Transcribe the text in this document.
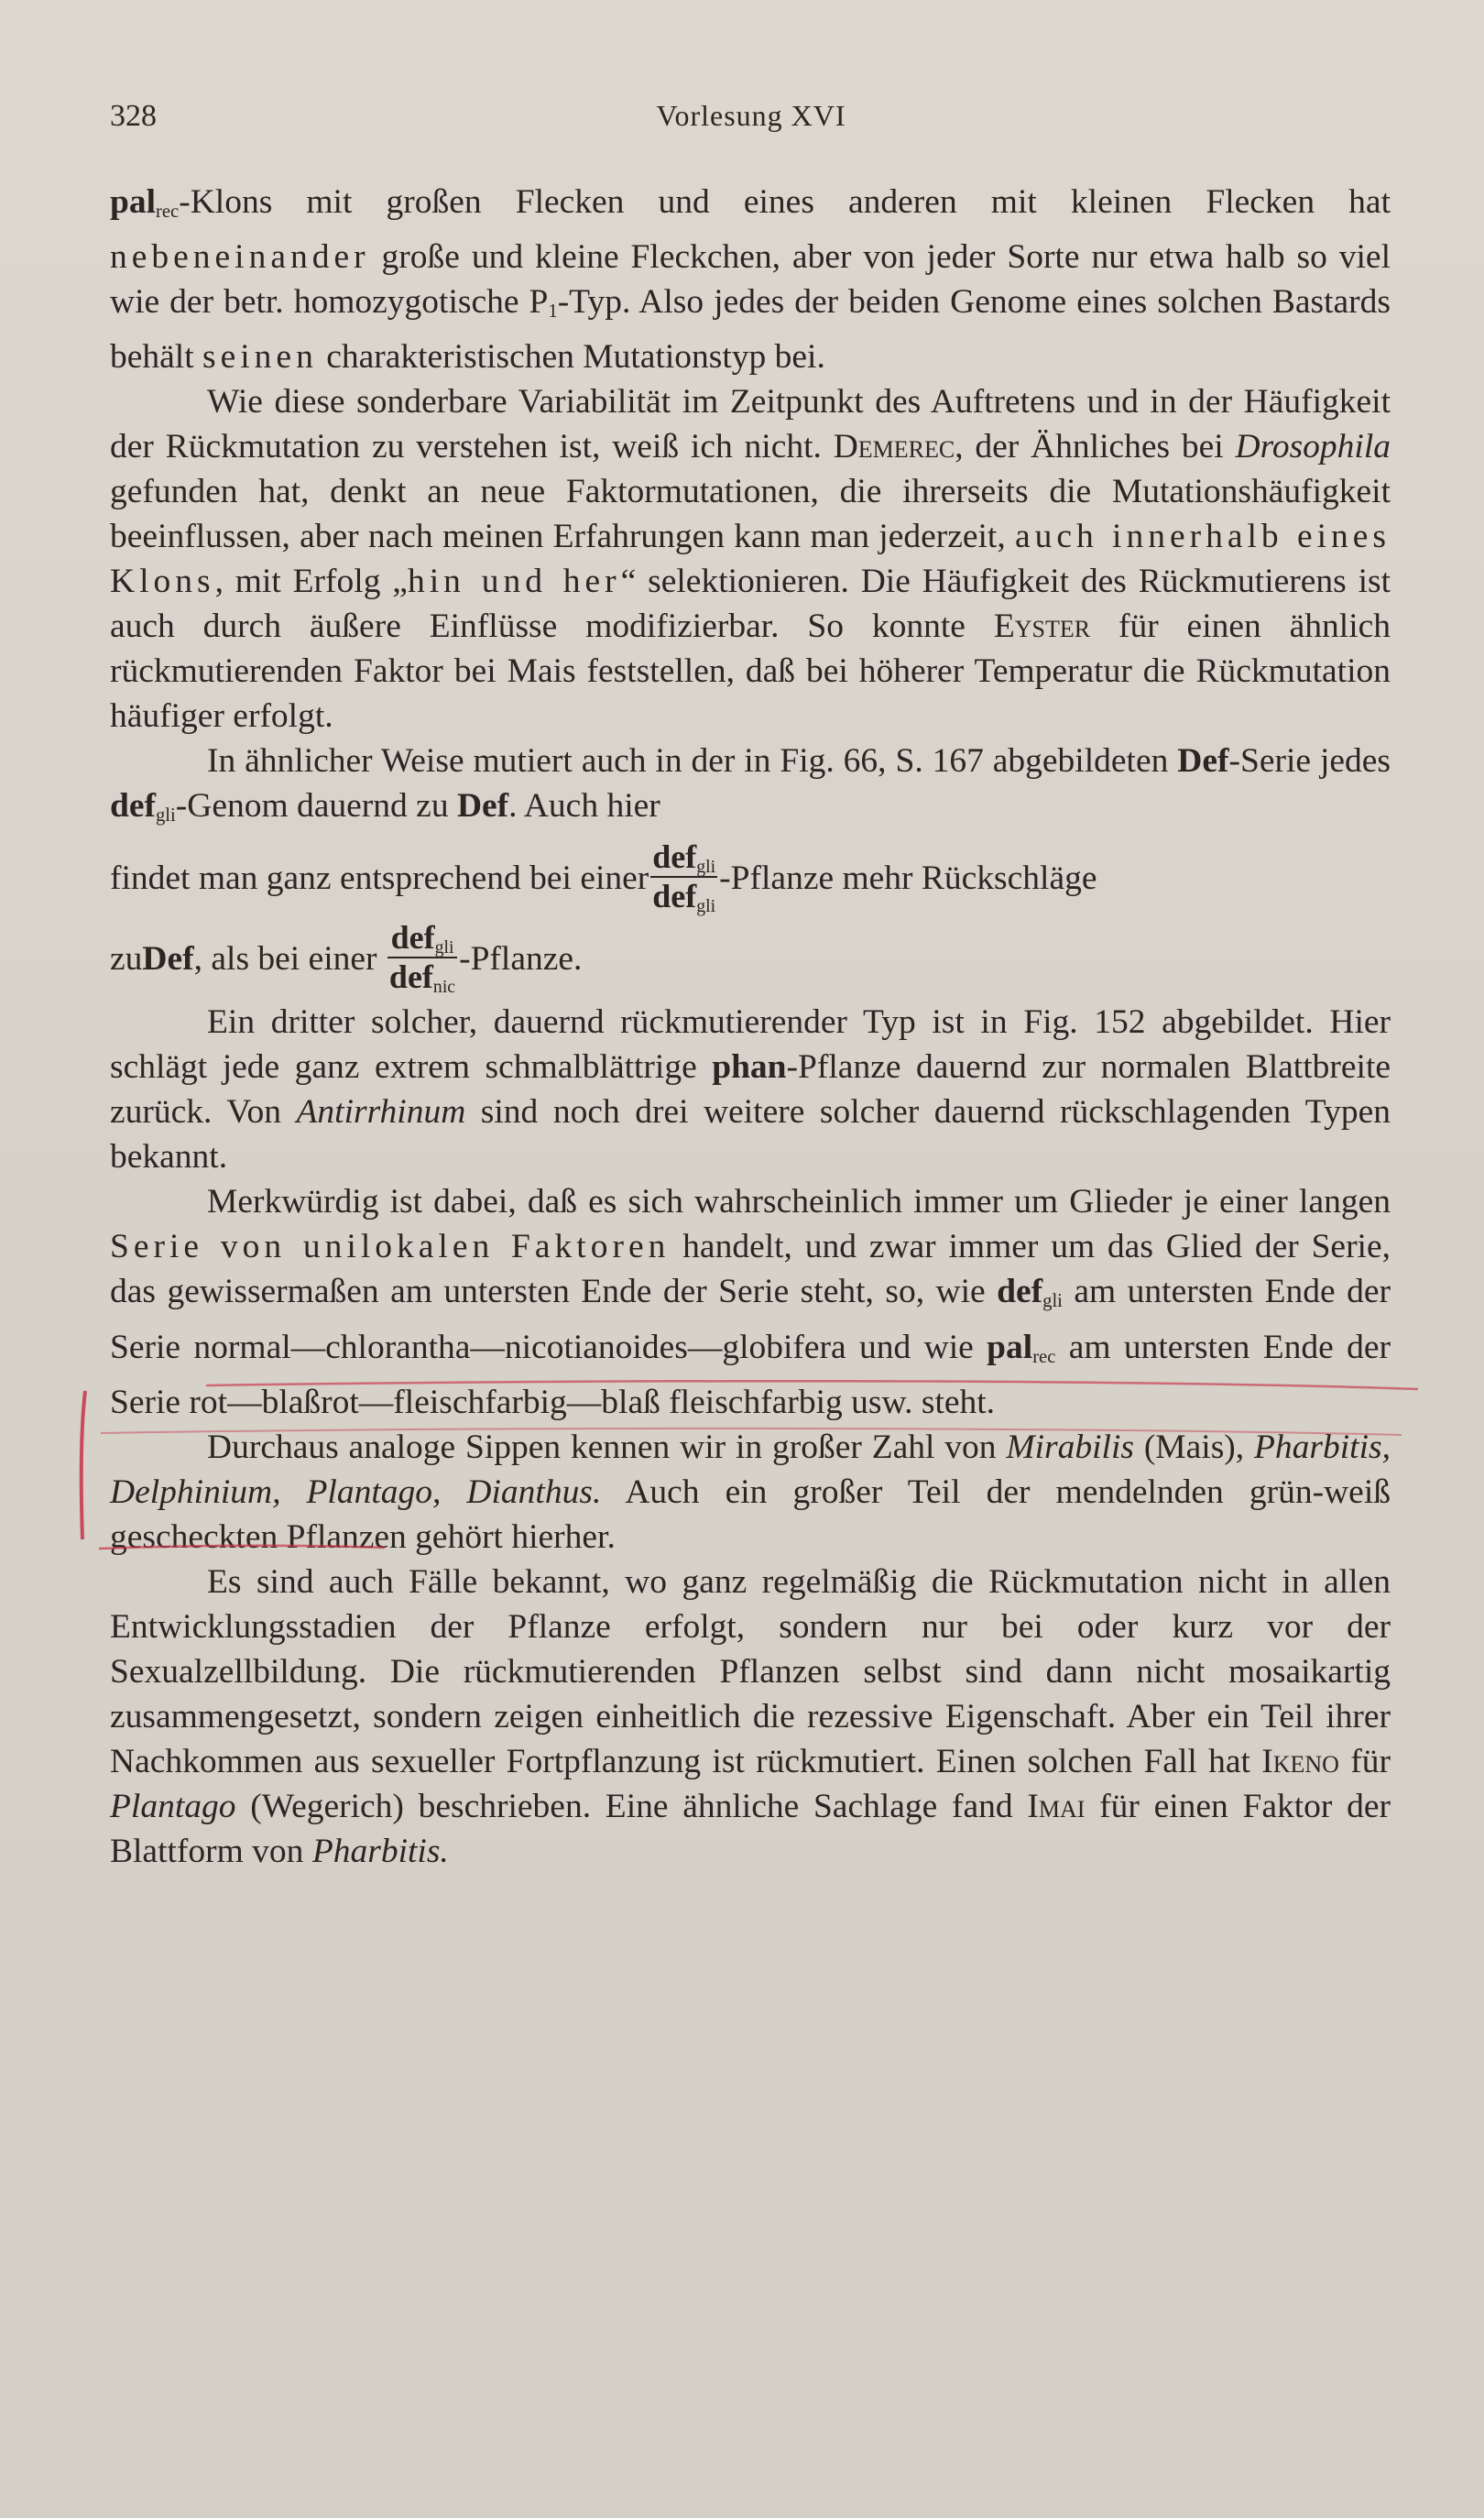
328	Vorlesung XVI

pal$_{rec}$-Klons mit großen Flecken und eines anderen mit kleinen Flecken hat nebeneinander große und kleine Fleckchen, aber von jeder Sorte nur etwa halb so viel wie der betr. homozygotische $P_1$-Typ. Also jedes der beiden Genome eines solchen Bastards behält seinen charakteristischen Mutationstyp bei.

Wie diese sonderbare Variabilität im Zeitpunkt des Auftretens und in der Häufigkeit der Rückmutation zu verstehen ist, weiß ich nicht. Demerec, der Ähnliches bei Drosophila gefunden hat, denkt an neue Faktormutationen, die ihrerseits die Mutationshäufigkeit beeinflussen, aber nach meinen Erfahrungen kann man jederzeit, auch innerhalb eines Klons, mit Erfolg „hin und her“ selektionieren. Die Häufigkeit des Rückmutierens ist auch durch äußere Einflüsse modifizierbar. So konnte Eyster für einen ähnlich rückmutierenden Faktor bei Mais feststellen, daß bei höherer Temperatur die Rückmutation häufiger erfolgt.

In ähnlicher Weise mutiert auch in der in Fig. 66, S. 167 abgebildeten Def-Serie jedes def$_{gli}$-Genom dauernd zu Def. Auch hier

findet man ganz entsprechend bei einer $\frac{def_{gli}}{def_{gli}}$ -Pflanze mehr Rückschläge
zu Def , als bei einer $\frac{def_{gli}}{def_{nic}}$ -Pflanze.

Ein dritter solcher, dauernd rückmutierender Typ ist in Fig. 152 abgebildet. Hier schlägt jede ganz extrem schmalblättrige phan-Pflanze dauernd zur normalen Blattbreite zurück. Von Antirrhinum sind noch drei weitere solcher dauernd rückschlagenden Typen bekannt.

Merkwürdig ist dabei, daß es sich wahrscheinlich immer um Glieder je einer langen Serie von unilokalen Faktoren handelt, und zwar immer um das Glied der Serie, das gewissermaßen am untersten Ende der Serie steht, so, wie def$_{gli}$ am untersten Ende der Serie normal—chlorantha—nicotianoides—globifera und wie pal$_{rec}$ am untersten Ende der Serie rot—blaßrot—fleischfarbig—blaß fleischfarbig usw. steht.

Durchaus analoge Sippen kennen wir in großer Zahl von Mirabilis (Mais), Pharbitis, Delphinium, Plantago, Dianthus. Auch ein großer Teil der mendelnden grün-weiß gescheckten Pflanzen gehört hierher.

Es sind auch Fälle bekannt, wo ganz regelmäßig die Rückmutation nicht in allen Entwicklungsstadien der Pflanze erfolgt, sondern nur bei oder kurz vor der Sexualzellbildung. Die rückmutierenden Pflanzen selbst sind dann nicht mosaikartig zusammengesetzt, sondern zeigen einheitlich die rezessive Eigenschaft. Aber ein Teil ihrer Nachkommen aus sexueller Fortpflanzung ist rückmutiert. Einen solchen Fall hat Ikeno für Plantago (Wegerich) beschrieben. Eine ähnliche Sachlage fand Imai für einen Faktor der Blattform von Pharbitis.
